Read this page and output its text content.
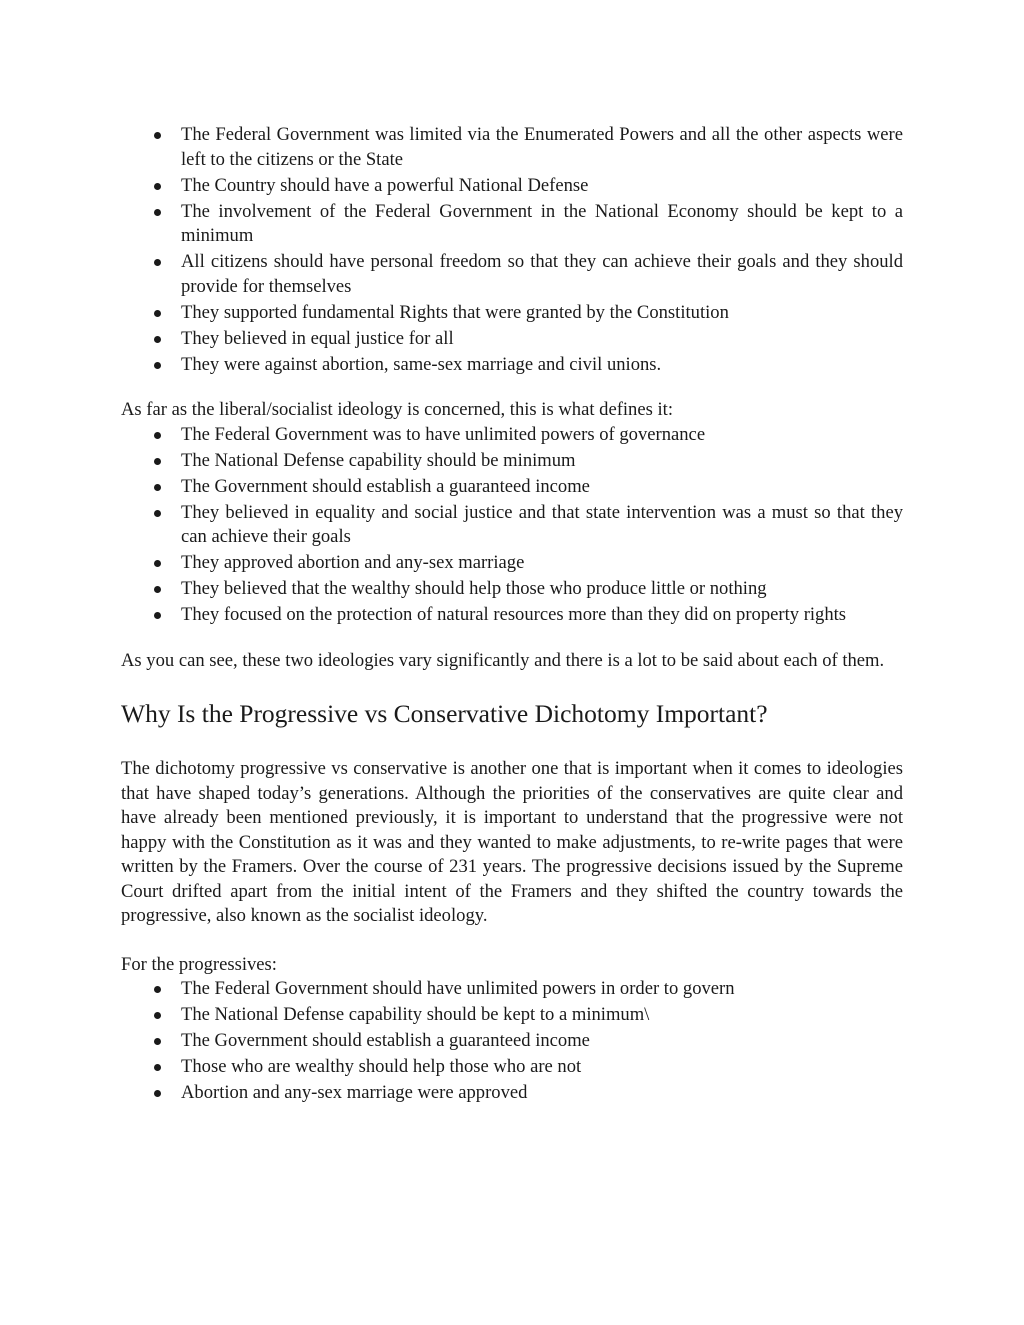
The Federal Government was limited via the Enumerated Powers and all the other aspects were left to the citizens or the State
The Country should have a powerful National Defense
The involvement of the Federal Government in the National Economy should be kept to a minimum
All citizens should have personal freedom so that they can achieve their goals and they should provide for themselves
They supported fundamental Rights that were granted by the Constitution
They believed in equal justice for all
They were against abortion, same-sex marriage and civil unions.

As far as the liberal/socialist ideology is concerned, this is what defines it:

The Federal Government was to have unlimited powers of governance
The National Defense capability should be minimum
The Government should establish a guaranteed income
They believed in equality and social justice and that state intervention was a must so that they can achieve their goals
They approved abortion and any-sex marriage
They believed that the wealthy should help those who produce little or nothing
They focused on the protection of natural resources more than they did on property rights

As you can see, these two ideologies vary significantly and there is a lot to be said about each of them.

Why Is the Progressive vs Conservative Dichotomy Important?

The dichotomy progressive vs conservative is another one that is important when it comes to ideologies that have shaped today’s generations. Although the priorities of the conservatives are quite clear and have already been mentioned previously, it is important to understand that the progressive were not happy with the Constitution as it was and they wanted to make adjustments, to re-write pages that were written by the Framers. Over the course of 231 years. The progressive decisions issued by the Supreme Court drifted apart from the initial intent of the Framers and they shifted the country towards the progressive, also known as the socialist ideology.

For the progressives:

The Federal Government should have unlimited powers in order to govern
The National Defense capability should be kept to a minimum\
The Government should establish a guaranteed income
Those who are wealthy should help those who are not
Abortion and any-sex marriage were approved
